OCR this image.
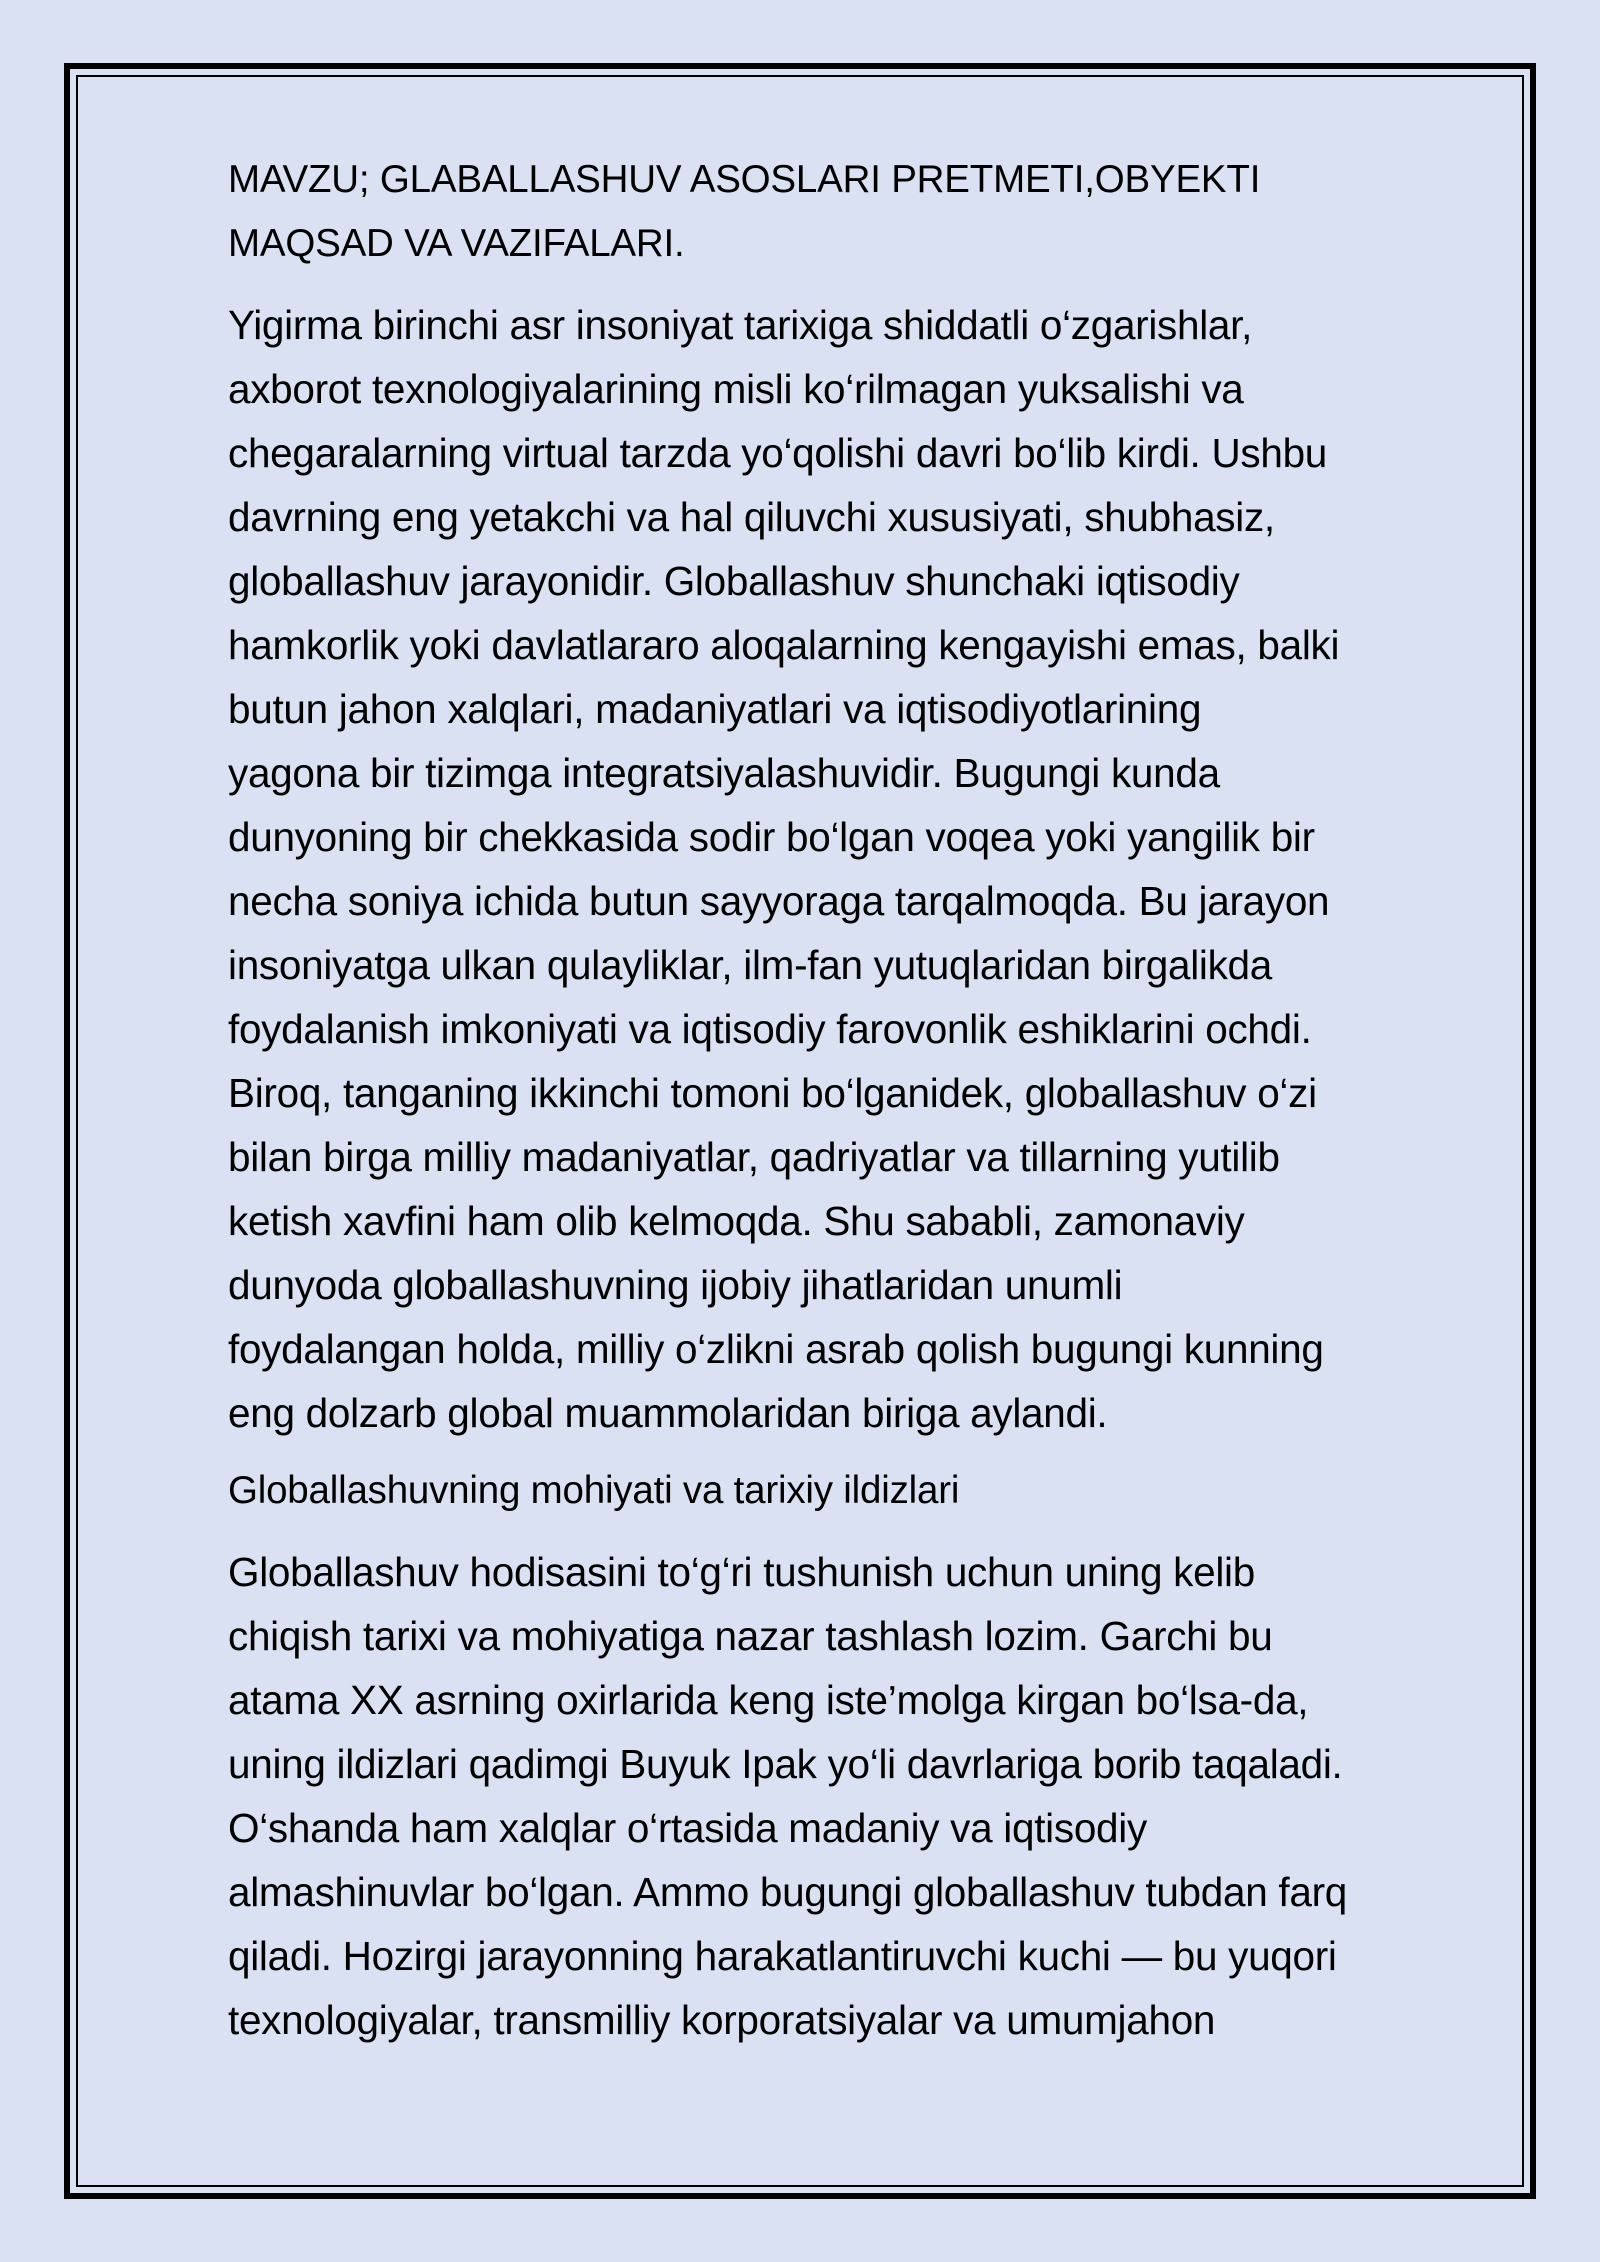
MAVZU; GLABALLASHUV ASOSLARI PRETMETI,OBYEKTI
MAQSAD VA VAZIFALARI.

Yigirma birinchi asr insoniyat tarixiga shiddatli o‘zgarishlar,
axborot texnologiyalarining misli ko‘rilmagan yuksalishi va
chegaralarning virtual tarzda yo‘qolishi davri bo‘lib kirdi. Ushbu
davrning eng yetakchi va hal qiluvchi xususiyati, shubhasiz,
globallashuv jarayonidir. Globallashuv shunchaki iqtisodiy
hamkorlik yoki davlatlararo aloqalarning kengayishi emas, balki
butun jahon xalqlari, madaniyatlari va iqtisodiyotlarining
yagona bir tizimga integratsiyalashuvidir. Bugungi kunda
dunyoning bir chekkasida sodir bo‘lgan voqea yoki yangilik bir
necha soniya ichida butun sayyoraga tarqalmoqda. Bu jarayon
insoniyatga ulkan qulayliklar, ilm-fan yutuqlaridan birgalikda
foydalanish imkoniyati va iqtisodiy farovonlik eshiklarini ochdi.
Biroq, tanganing ikkinchi tomoni bo‘lganidek, globallashuv o‘zi
bilan birga milliy madaniyatlar, qadriyatlar va tillarning yutilib
ketish xavfini ham olib kelmoqda. Shu sababli, zamonaviy
dunyoda globallashuvning ijobiy jihatlaridan unumli
foydalangan holda, milliy o‘zlikni asrab qolish bugungi kunning
eng dolzarb global muammolaridan biriga aylandi.

Globallashuvning mohiyati va tarixiy ildizlari

Globallashuv hodisasini to‘g‘ri tushunish uchun uning kelib
chiqish tarixi va mohiyatiga nazar tashlash lozim. Garchi bu
atama XX asrning oxirlarida keng iste’molga kirgan bo‘lsa-da,
uning ildizlari qadimgi Buyuk Ipak yo‘li davrlariga borib taqaladi.
O‘shanda ham xalqlar o‘rtasida madaniy va iqtisodiy
almashinuvlar bo‘lgan. Ammo bugungi globallashuv tubdan farq
qiladi. Hozirgi jarayonning harakatlantiruvchi kuchi — bu yuqori
texnologiyalar, transmilliy korporatsiyalar va umumjahon
